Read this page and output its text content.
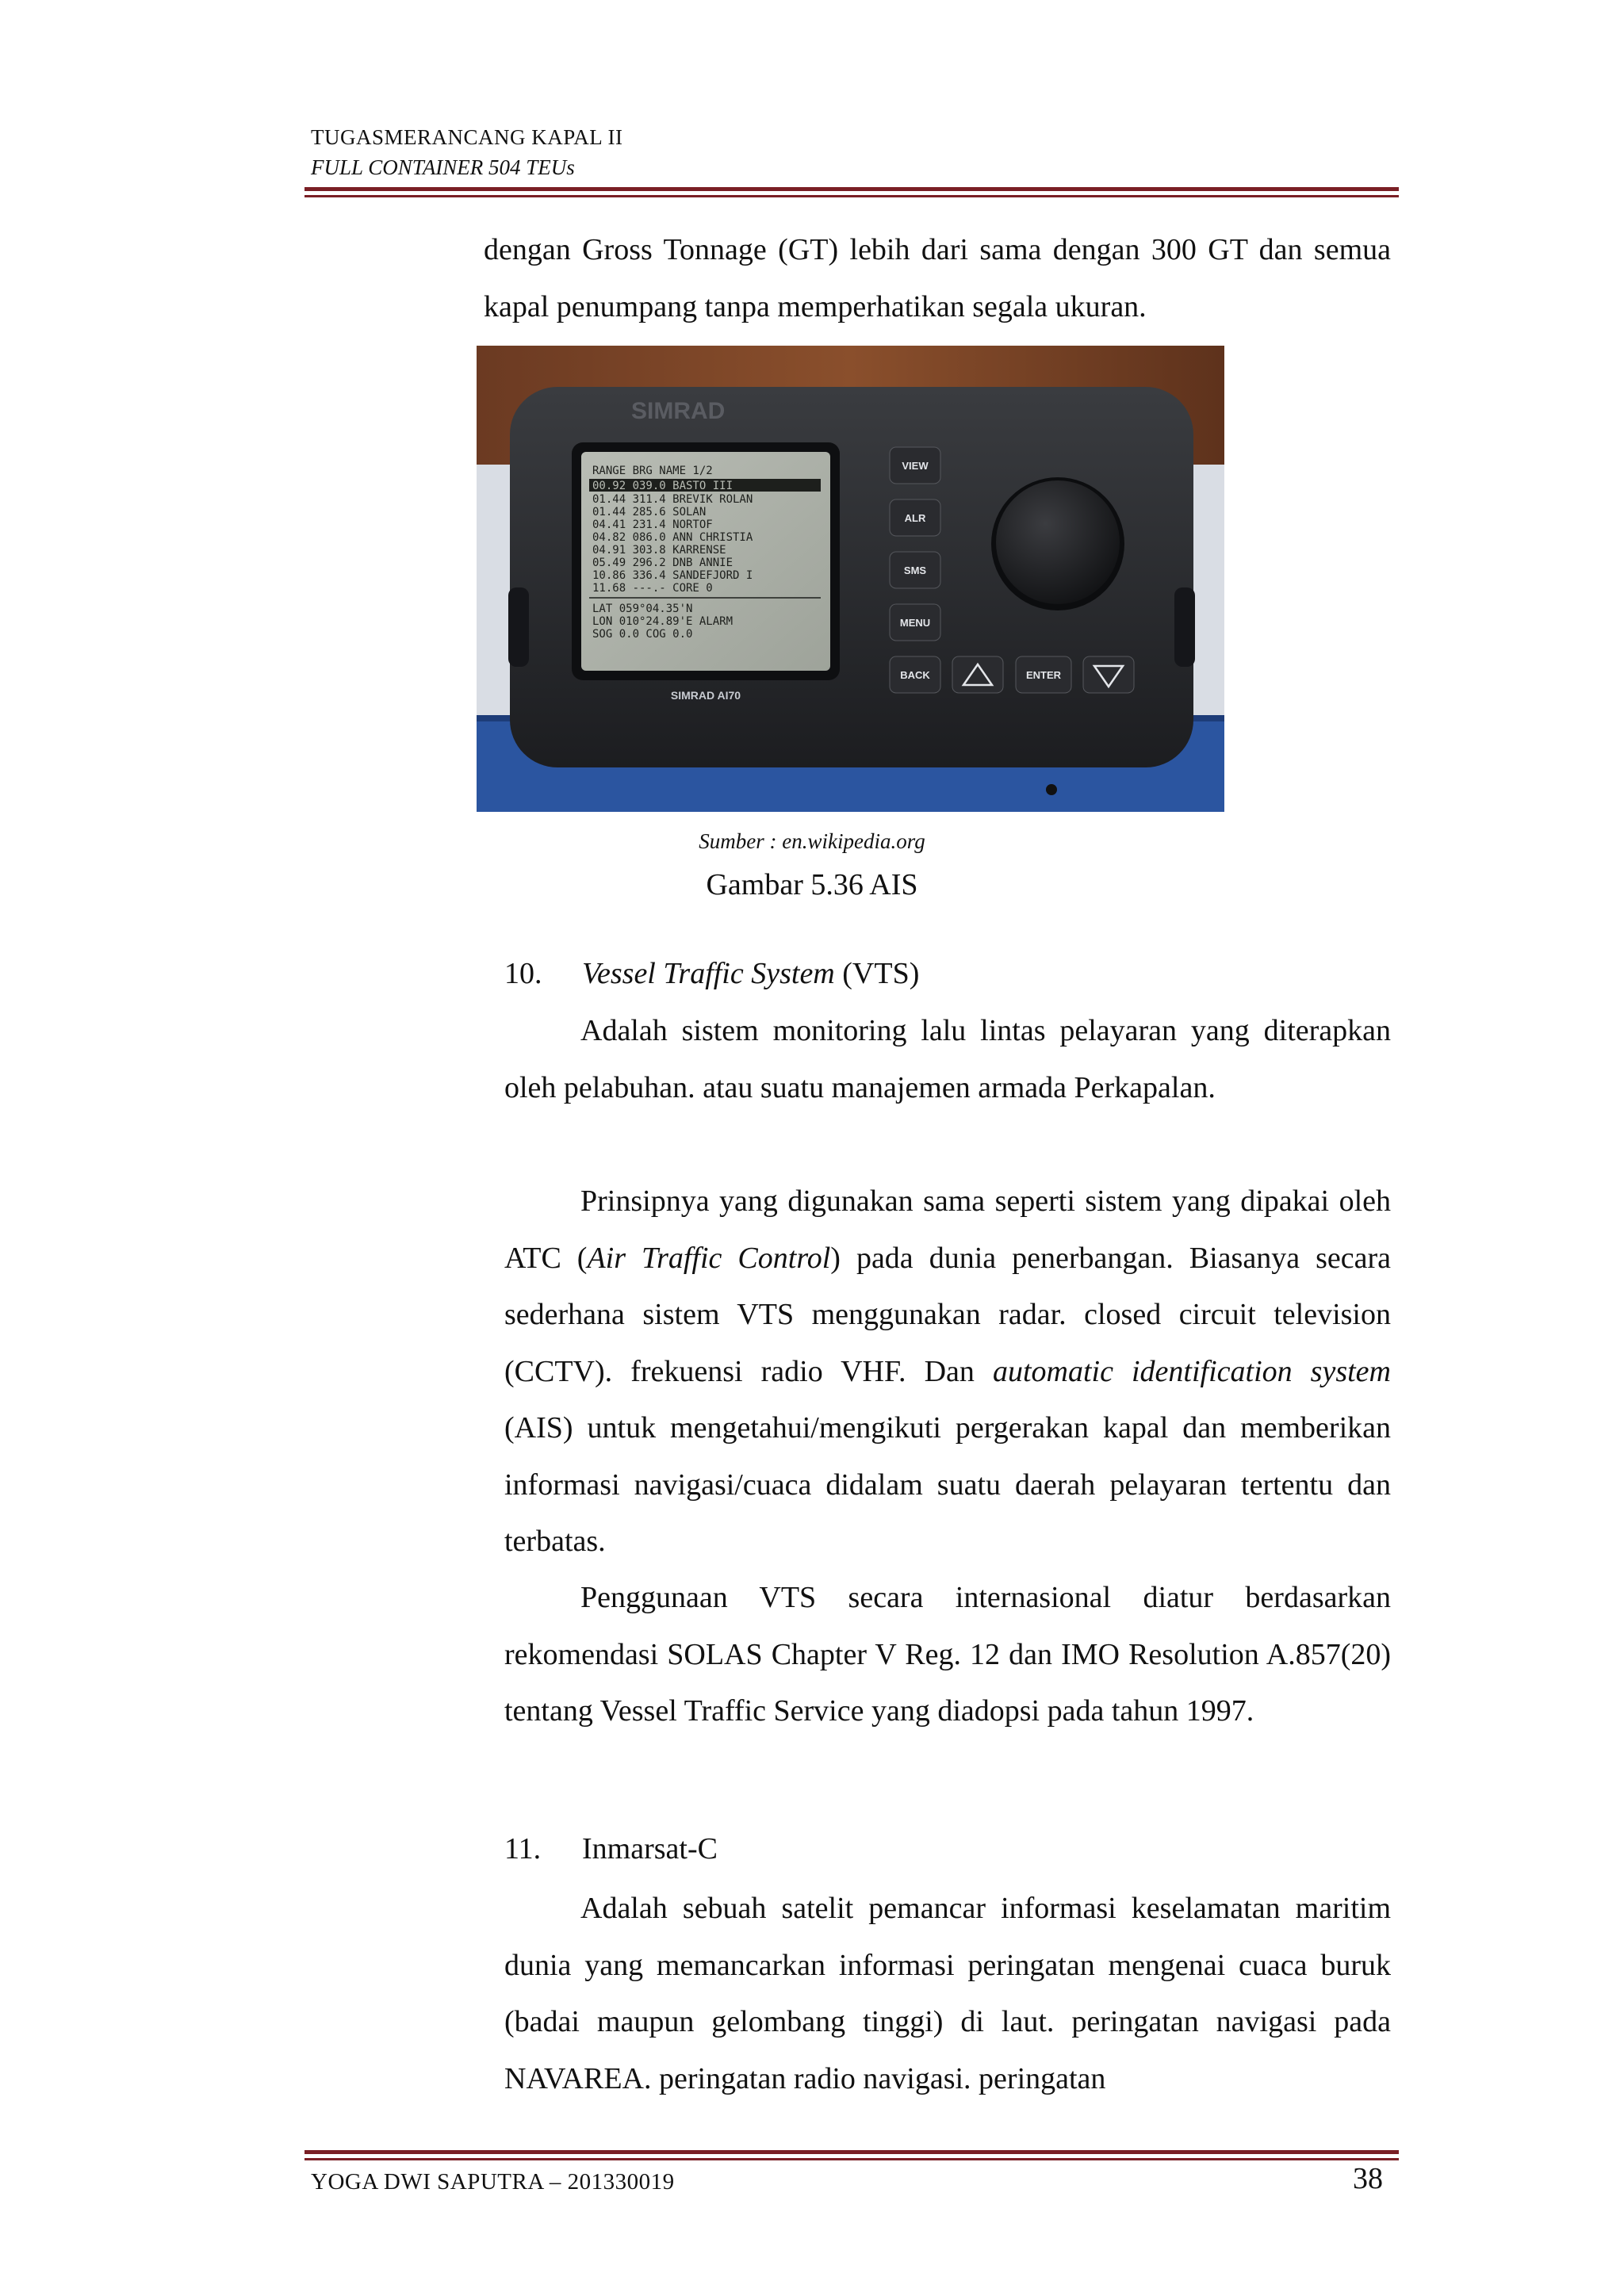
TUGASMERANCANG KAPAL II
FULL CONTAINER 504 TEUs

dengan Gross Tonnage (GT) lebih dari sama dengan 300 GT dan semua kapal penumpang tanpa memperhatikan segala ukuran.

SIMRAD
RANGE BRG NAME 1/2
00.92 039.0 BASTO III
01.44 311.4 BREVIK ROLAN
01.44 285.6 SOLAN
04.41 231.4 NORTOF
04.82 086.0 ANN CHRISTIA
04.91 303.8 KARRENSE
05.49 296.2 DNB ANNIE
10.86 336.4 SANDEFJORD I
11.68 ---.- CORE 0
LAT 059°04.35'N
LON 010°24.89'E ALARM
SOG 0.0 COG 0.0
SIMRAD AI70
VIEW
ALR
SMS
MENU
BACK	ENTER
Sumber : en.wikipedia.org
Gambar 5.36 AIS
10. Vessel Traffic System (VTS)

Adalah sistem monitoring lalu lintas pelayaran yang diterapkan oleh pelabuhan. atau suatu manajemen armada Perkapalan.

Prinsipnya yang digunakan sama seperti sistem yang dipakai oleh ATC (Air Traffic Control) pada dunia penerbangan. Biasanya secara sederhana sistem VTS menggunakan radar. closed circuit television (CCTV). frekuensi radio VHF. Dan automatic identification system (AIS) untuk mengetahui/mengikuti pergerakan kapal dan memberikan informasi navigasi/cuaca didalam suatu daerah pelayaran tertentu dan terbatas.

Penggunaan VTS secara internasional diatur berdasarkan rekomendasi SOLAS Chapter V Reg. 12 dan IMO Resolution A.857(20) tentang Vessel Traffic Service yang diadopsi pada tahun 1997.

11. Inmarsat-C

Adalah sebuah satelit pemancar informasi keselamatan maritim dunia yang memancarkan informasi peringatan mengenai cuaca buruk (badai maupun gelombang tinggi) di laut. peringatan navigasi pada NAVAREA. peringatan radio navigasi. peringatan

YOGA DWI SAPUTRA – 201330019	38
